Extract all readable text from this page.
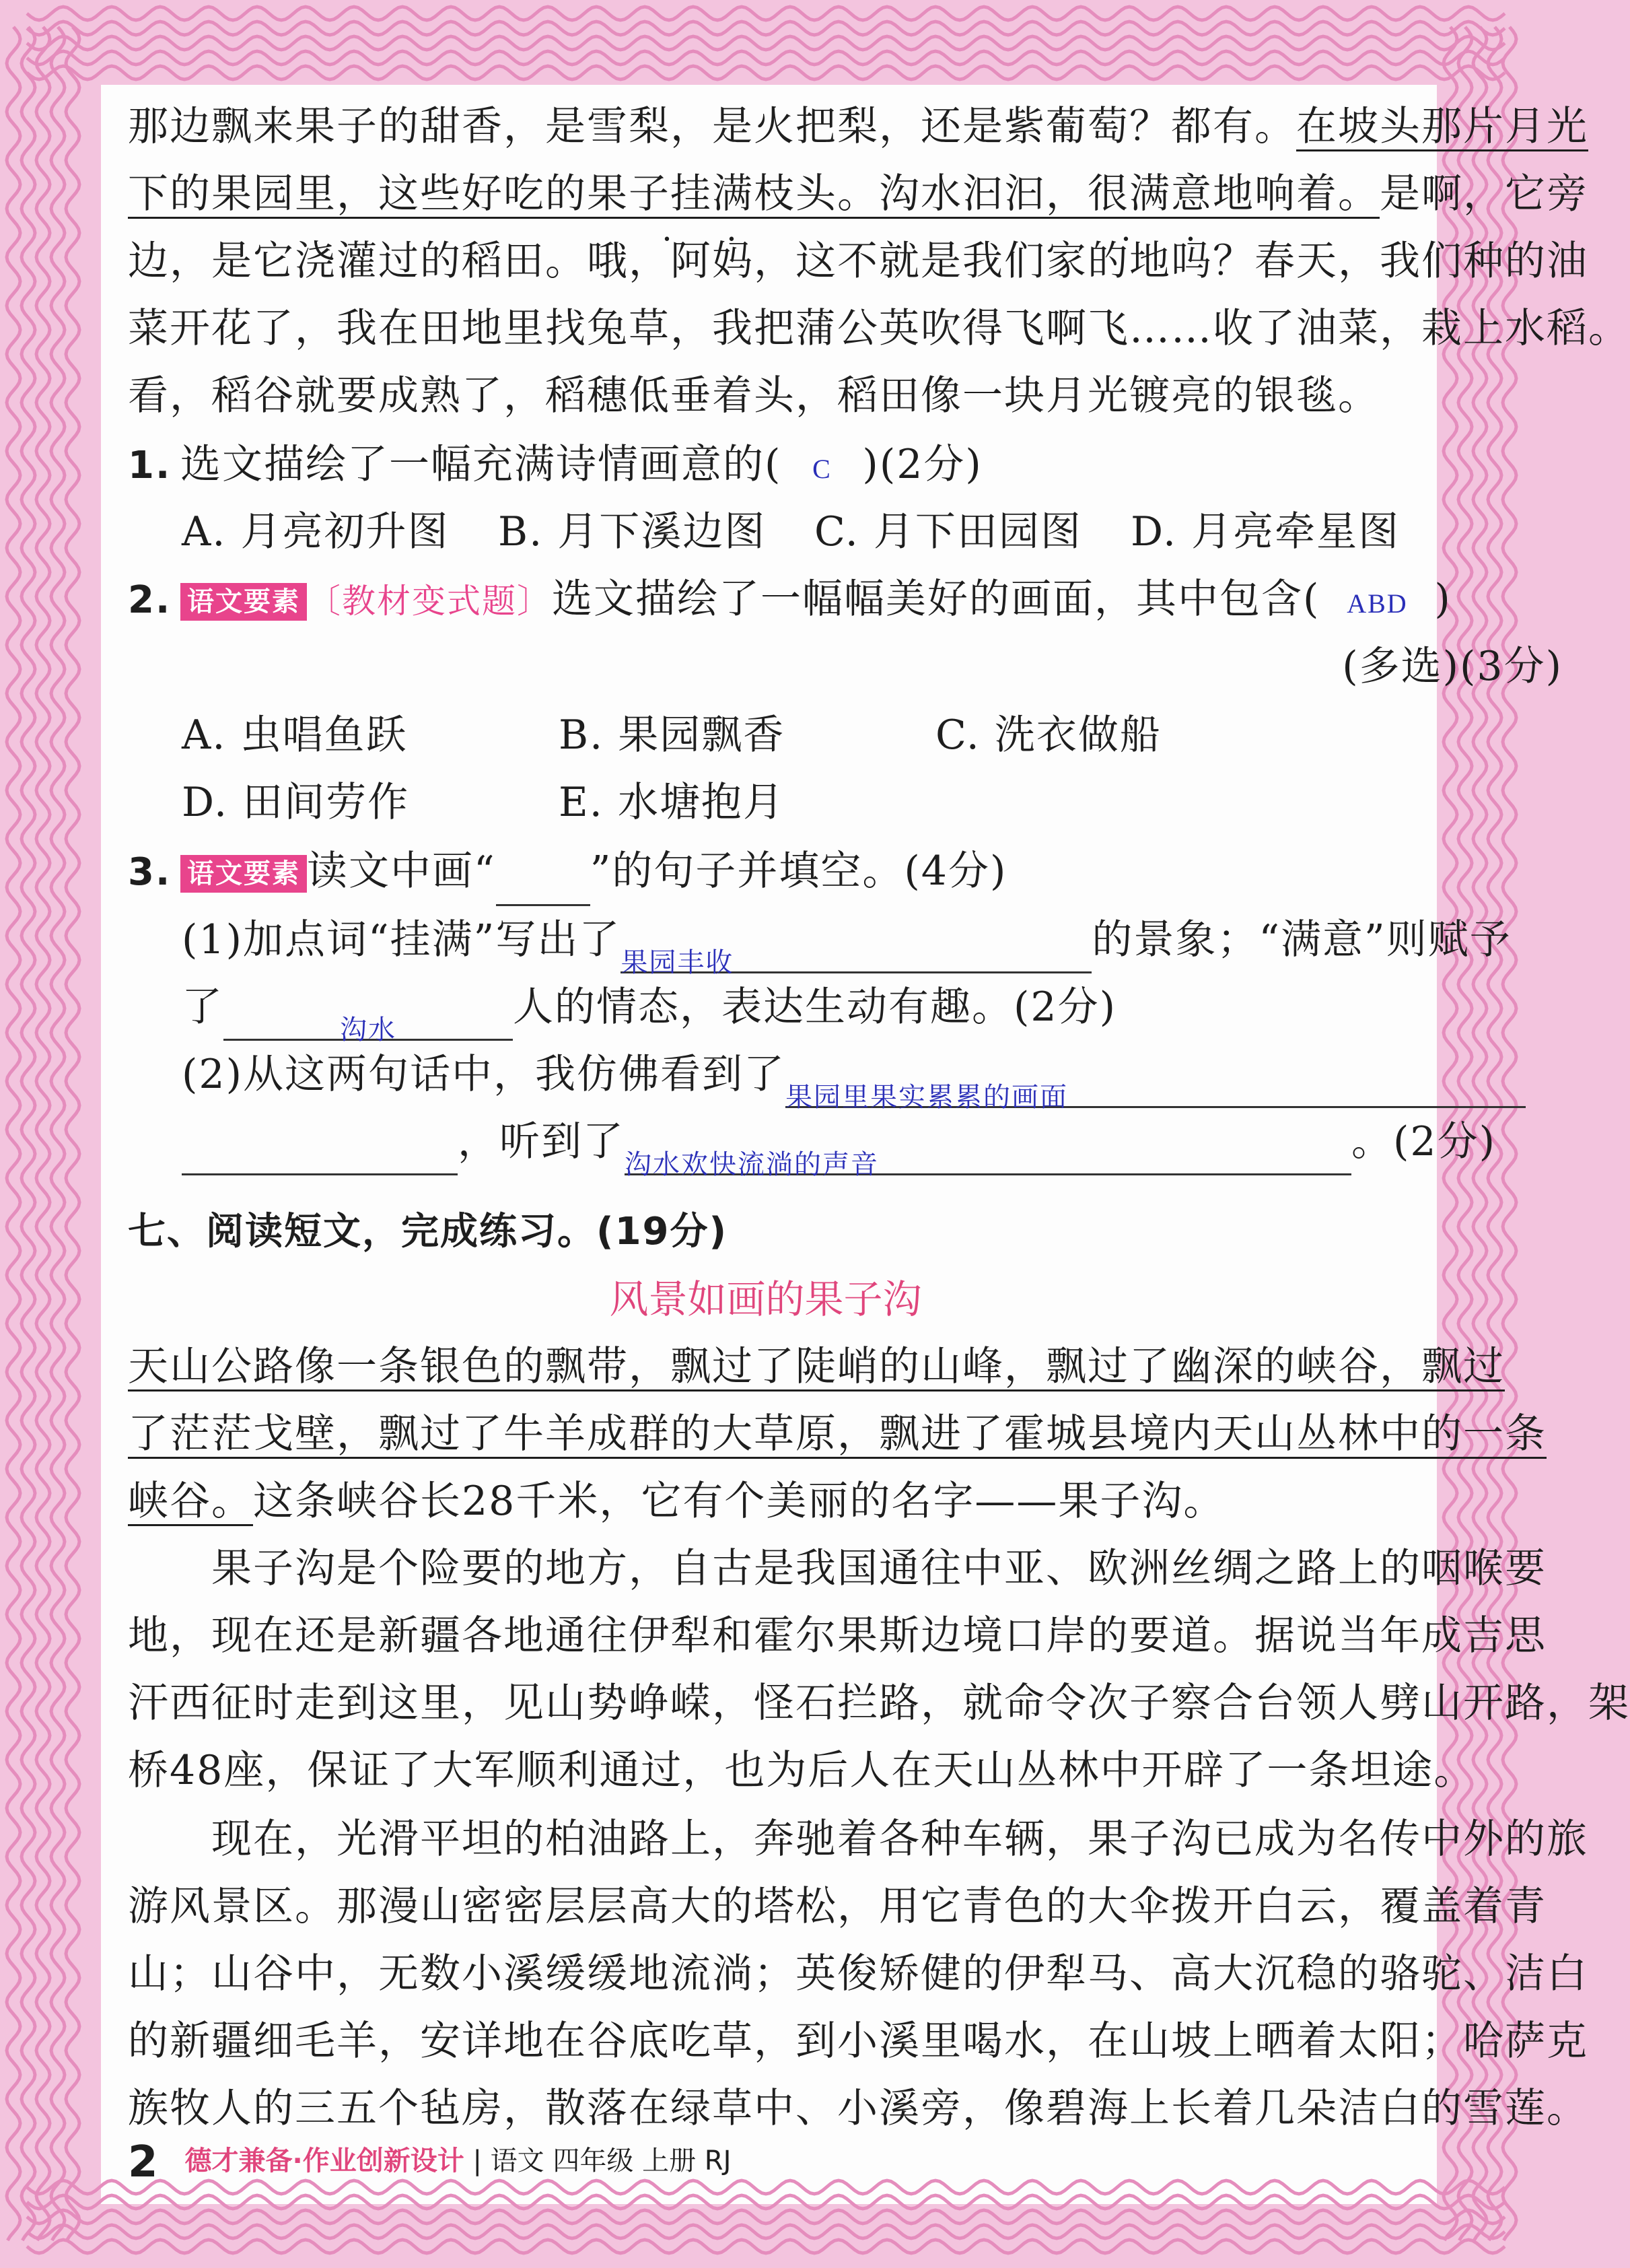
那边飘来果子的甜香，是雪梨，是火把梨，还是紫葡萄？都有。在坡头那片月光
下的果园里，这些好吃的果子挂满 • •枝头。沟水汩汩，很满意 • •地响着。是啊，它旁
边，是它浇灌过的稻田。哦，阿妈，这不就是我们家的地吗？春天，我们种的油
菜开花了，我在田地里找兔草，我把蒲公英吹得飞啊飞……收了油菜，栽上水稻。
看，稻谷就要成熟了，稻穗低垂着头，稻田像一块月光镀亮的银毯。
1. 选文描绘了一幅充满诗情画意的( C )(2分)
A. 月亮初升图 B. 月下溪边图 C. 月下田园图 D. 月亮牵星图
2. 语文要素 〔教材变式题〕选文描绘了一幅幅美好的画面，其中包含( ABD )
(多选)(3分)
A. 虫唱鱼跃	B. 果园飘香	C. 洗衣做船
D. 田间劳作	E. 水塘抱月
3. 语文要素 读文中画“ ”的句子并填空。(4分)
(1)加点词“挂满”写出了果园丰收	的景象；“满意”则赋予
了	沟水	人的情态，表达生动有趣。(2分)
(2)从这两句话中，我仿佛看到了果园里果实累累的画面
，听到了沟水欢快流淌的声音	。(2分)
七、阅读短文，完成练习。(19分)
风景如画的果子沟
天山公路像一条银色的飘带，飘过了陡峭的山峰，飘过了幽深的峡谷，飘过
了茫茫戈壁，飘过了牛羊成群的大草原，飘进了霍城县境内天山丛林中的一条
峡谷。这条峡谷长28千米，它有个美丽的名字——果子沟。
　　果子沟是个险要的地方，自古是我国通往中亚、欧洲丝绸之路上的咽喉要
地，现在还是新疆各地通往伊犁和霍尔果斯边境口岸的要道。据说当年成吉思
汗西征时走到这里，见山势峥嵘，怪石拦路，就命令次子察合台领人劈山开路，架
桥48座，保证了大军顺利通过，也为后人在天山丛林中开辟了一条坦途。
　　现在，光滑平坦的柏油路上，奔驰着各种车辆，果子沟已成为名传中外的旅
游风景区。那漫山密密层层高大的塔松，用它青色的大伞拨开白云，覆盖着青
山；山谷中，无数小溪缓缓地流淌；英俊矫健的伊犁马、高大沉稳的骆驼、洁白
的新疆细毛羊，安详地在谷底吃草，到小溪里喝水，在山坡上晒着太阳；哈萨克
族牧人的三五个毡房，散落在绿草中、小溪旁，像碧海上长着几朵洁白的雪莲。
2 德才兼备·作业创新设计 | 语文 四年级 上册 RJ
